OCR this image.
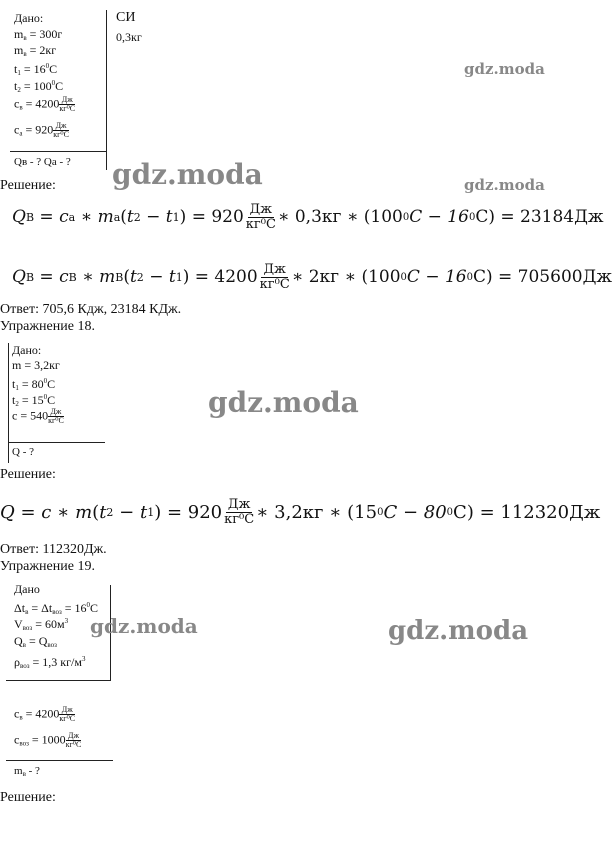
Дано:
$m_в = 300г$
$m_в = 2кг$
$t_1 = 16^0С$
$t_2 = 100^0С$
$c_в = 4200 \frac{Дж}{\text{кг⁰С}}$
$c_а = 920 \frac{Дж}{\text{кг⁰С}}$
Qв - ? Qа - ?
СИ
0,3кг
gdz.moda
gdz.moda	gdz.moda
Решение:
Q B = c a ∗ m a ( t 2 − t 1 ) = 920 Дж
кг⁰С ∗ 0,3кг ∗ (100 0 С − 16 0 С) = 23184Дж
Q B = c B ∗ m B ( t 2 − t 1 ) = 4200 Дж
кг⁰С ∗ 2кг ∗ (100 0 С − 16 0 С) = 705600Дж
Ответ: 705,6 Кдж, 23184 КДж.
Упражнение 18.
Дано:
m = 3,2кг
$t_1 = 80^0С$
$t_2 = 15^0С$
$c = 540 \frac{Дж}{\text{кг⁰С}}$
Q - ?
gdz.moda
Решение:
Q = c ∗ m ( t 2 − t 1 ) = 920 Дж
кг⁰С ∗ 3,2кг ∗ (15 0 С − 80 0 С) = 112320Дж
Ответ: 112320Дж.
Упражнение 19.
Дано
$\Delta t_в = \Delta t_{воз} = 16^0С$
$V_{воз} = 60м^3$
$Q_в = Q_{воз}$
$\rho_{воз} = 1,3$ $кг/м^3$
$c_в = 4200 \frac{Дж}{\text{кг⁰С}}$
$c_{воз} = 1000 \frac{Дж}{\text{кг⁰С}}$
$m_в$ - ?
gdz.moda	gdz.moda
Решение:
